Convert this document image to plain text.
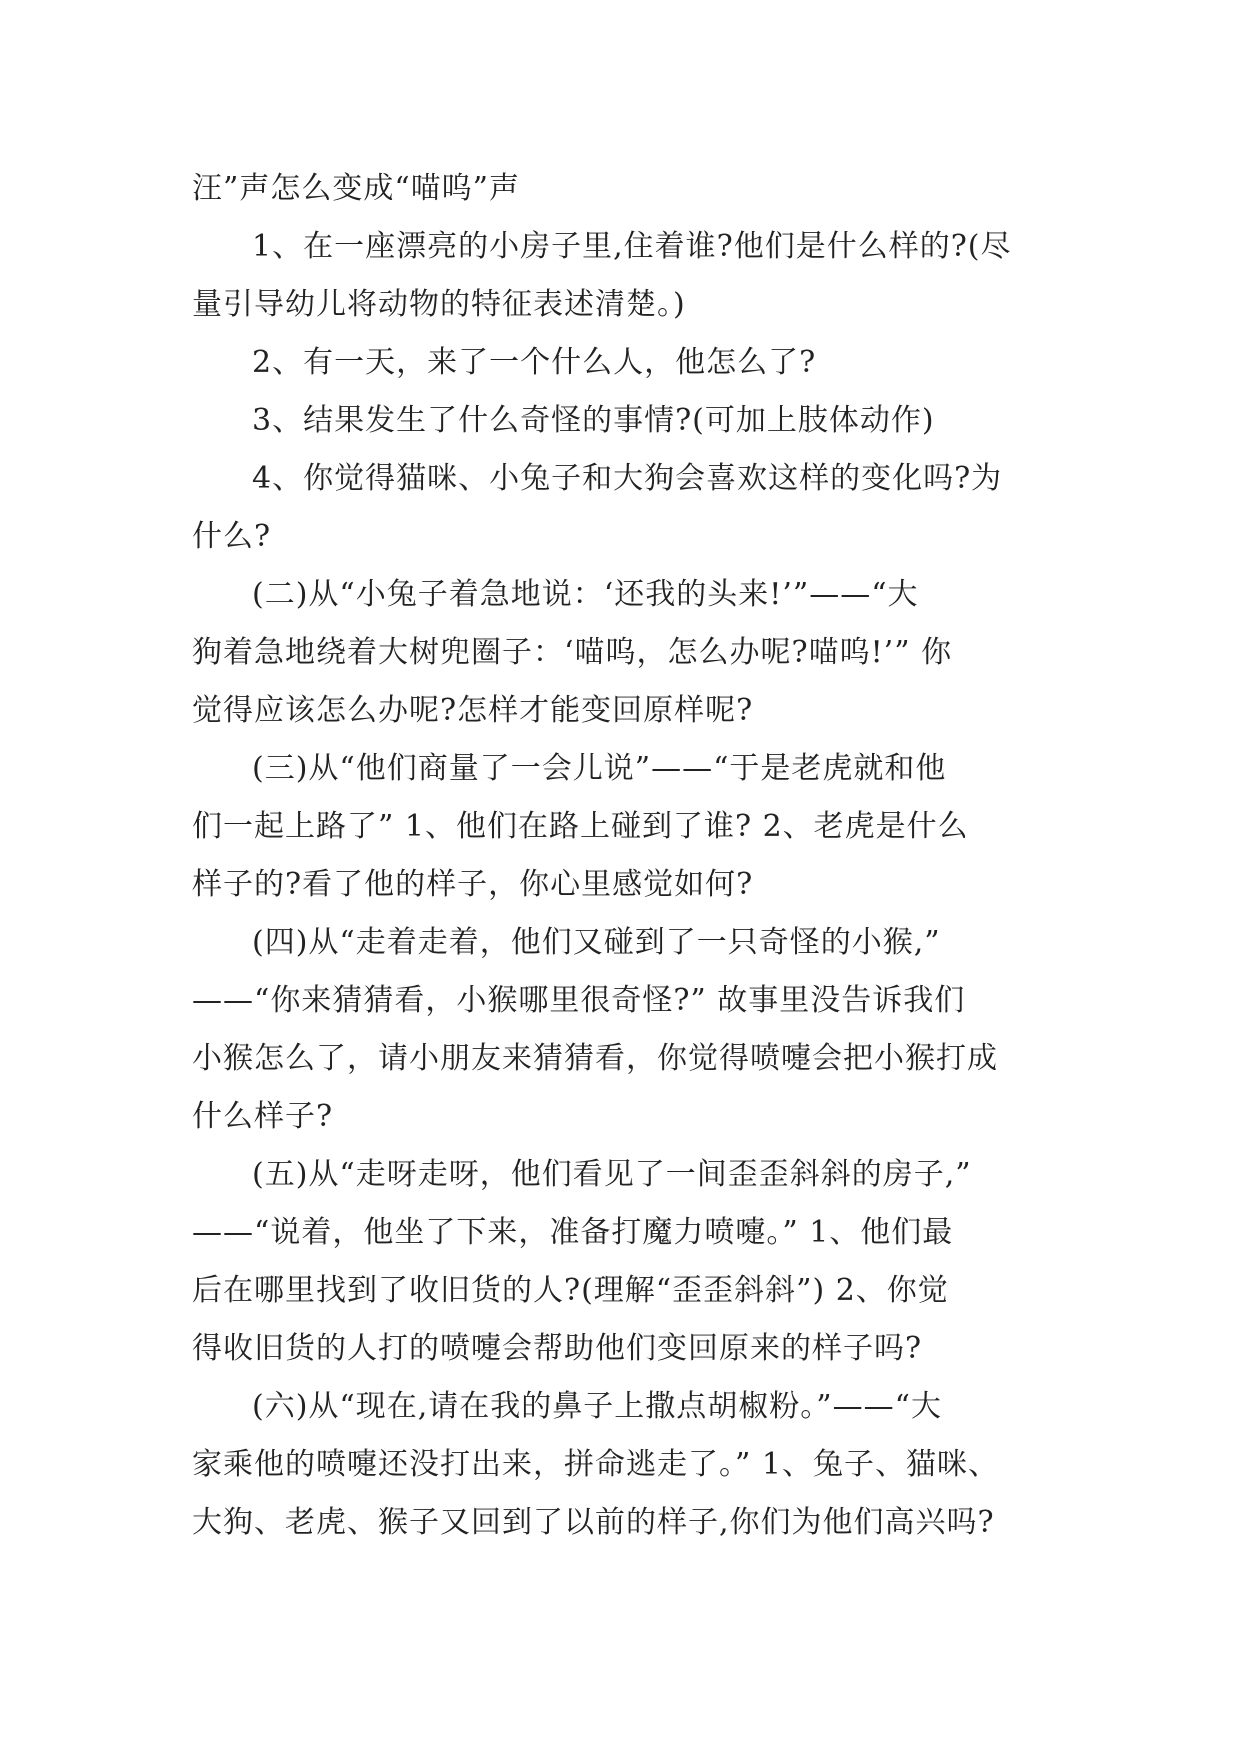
汪”声怎么变成“喵呜”声
1、在一座漂亮的小房子里,住着谁?他们是什么样的?(尽
量引导幼儿将动物的特征表述清楚。)
2、有一天，来了一个什么人，他怎么了?
3、结果发生了什么奇怪的事情?(可加上肢体动作)
4、你觉得猫咪、小兔子和大狗会喜欢这样的变化吗?为
什么?
(二)从“小兔子着急地说：‘还我的头来!’”——“大
狗着急地绕着大树兜圈子：‘喵呜，怎么办呢?喵呜!’” 你
觉得应该怎么办呢?怎样才能变回原样呢?
(三)从“他们商量了一会儿说”——“于是老虎就和他
们一起上路了” 1、他们在路上碰到了谁? 2、老虎是什么
样子的?看了他的样子，你心里感觉如何?
(四)从“走着走着，他们又碰到了一只奇怪的小猴,”
——“你来猜猜看，小猴哪里很奇怪?” 故事里没告诉我们
小猴怎么了，请小朋友来猜猜看，你觉得喷嚏会把小猴打成
什么样子?
(五)从“走呀走呀，他们看见了一间歪歪斜斜的房子,”
——“说着，他坐了下来，准备打魔力喷嚏。” 1、他们最
后在哪里找到了收旧货的人?(理解“歪歪斜斜”) 2、你觉
得收旧货的人打的喷嚏会帮助他们变回原来的样子吗?
(六)从“现在,请在我的鼻子上撒点胡椒粉。”——“大
家乘他的喷嚏还没打出来，拼命逃走了。” 1、兔子、猫咪、
大狗、老虎、猴子又回到了以前的样子,你们为他们高兴吗?
